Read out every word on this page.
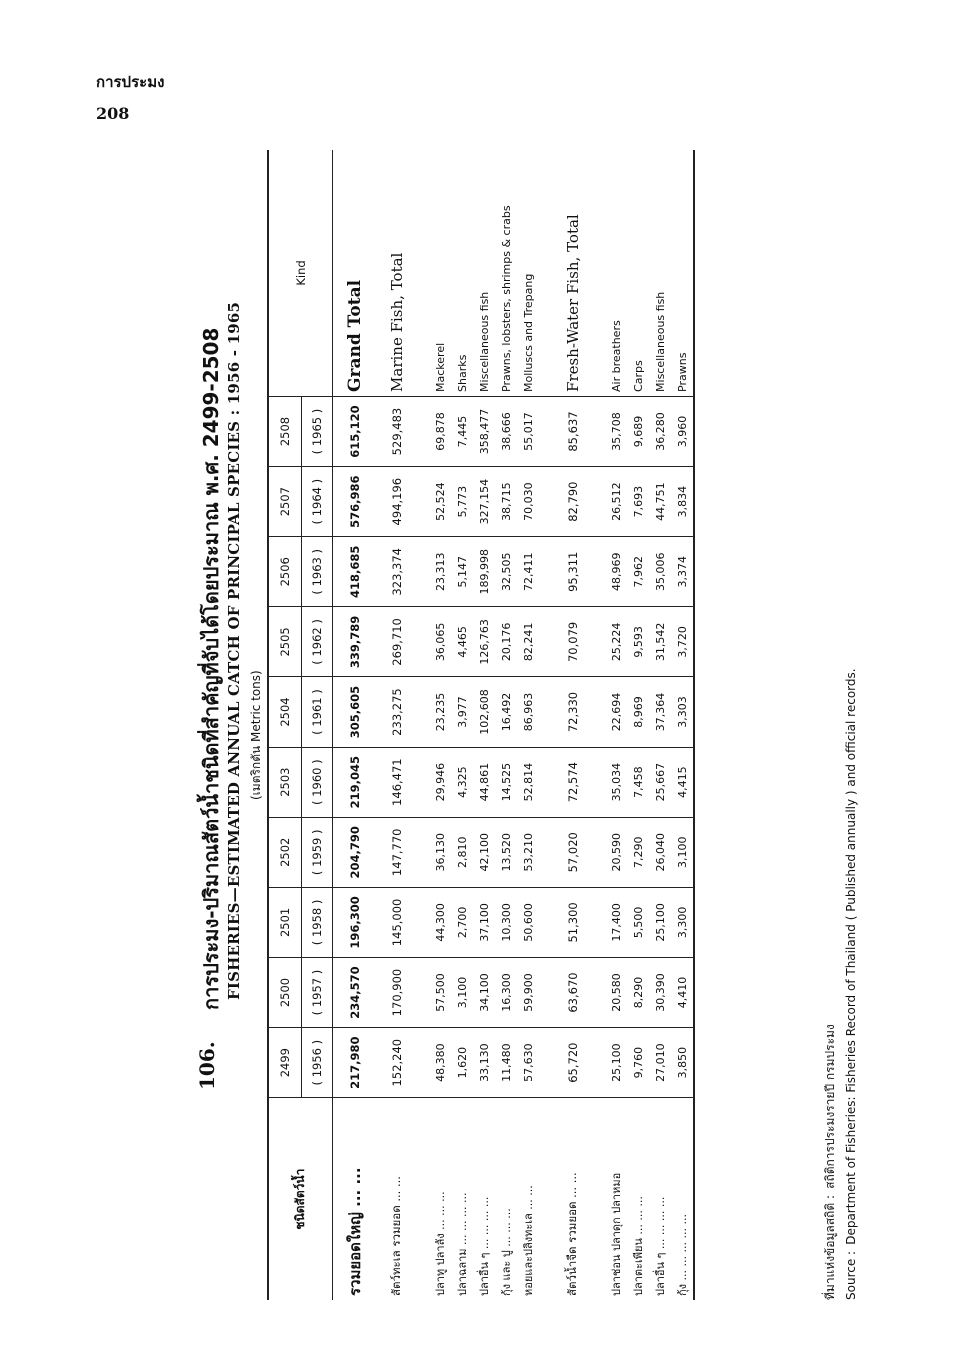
การประมง
208
106.
การประมง-ปริมาณสัตว์น้ำชนิดที่สำคัญที่จับได้โดยประมาณ พ.ศ. 2499-2508 FISHERIES—ESTIMATED ANNUAL CATCH OF PRINCIPAL SPECIES : 1956 - 1965 (เมตริกตัน Metric tons)
ชนิดสัตว์น้ำ	2499	2500	2501	2502	2503	2504	2505	2506	2507	2508	Kind
	( 1956 )	( 1957 )	( 1958 )	( 1959 )	( 1960 )	( 1961 )	( 1962 )	( 1963 )	( 1964 )	( 1965 )	
รวมยอดใหญ่ ... ...	217,980	234,570	196,300	204,790	219,045	305,605	339,789	418,685	576,986	615,120	Grand Total
สัตว์ทะเล รวมยอด ... ...	152,240	170,900	145,000	147,770	146,471	233,275	269,710	323,374	494,196	529,483	Marine Fish, Total
ปลาทู ปลาลัง ... ... ...	48,380	57,500	44,300	36,130	29,946	23,235	36,065	23,313	52,524	69,878	Mackerel
ปลาฉลาม ... ... ... ...	1,620	3,100	2,700	2,810	4,325	3,977	4,465	5,147	5,773	7,445	Sharks
ปลาอื่น ๆ ... ... ... ...	33,130	34,100	37,100	42,100	44,861	102,608	126,763	189,998	327,154	358,477	Miscellaneous fish
กุ้ง และ ปู ... ... ...	11,480	16,300	10,300	13,520	14,525	16,492	20,176	32,505	38,715	38,666	Prawns, lobsters, shrimps & crabs
หอยและปลิงทะเล ... ...	57,630	59,900	50,600	53,210	52,814	86,963	82,241	72,411	70,030	55,017	Molluscs and Trepang

สัตว์น้ำจืด รวมยอด ... ...	65,720	63,670	51,300	57,020	72,574	72,330	70,079	95,311	82,790	85,637	Fresh-Water Fish, Total
ปลาช่อน ปลาดุก ปลาหมอ	25,100	20,580	17,400	20,590	35,034	22,694	25,224	48,969	26,512	35,708	Air breathers
ปลาตะเพียน ... ... ...	9,760	8,290	5,500	7,290	7,458	8,969	9,593	7,962	7,693	9,689	Carps
ปลาอื่น ๆ ... ... ... ...	27,010	30,390	25,100	26,040	25,667	37,364	31,542	35,006	44,751	36,280	Miscellaneous fish
กุ้ง ... ... ... ... ...	3,850	4,410	3,300	3,100	4,415	3,303	3,720	3,374	3,834	3,960	Prawns
ที่มาแห่งข้อมูลสถิติ
:
สถิติการประมงรายปี กรมประมง
Source
:
Department of Fisheries: Fisheries Record of Thailand ( Published annually ) and official records.
